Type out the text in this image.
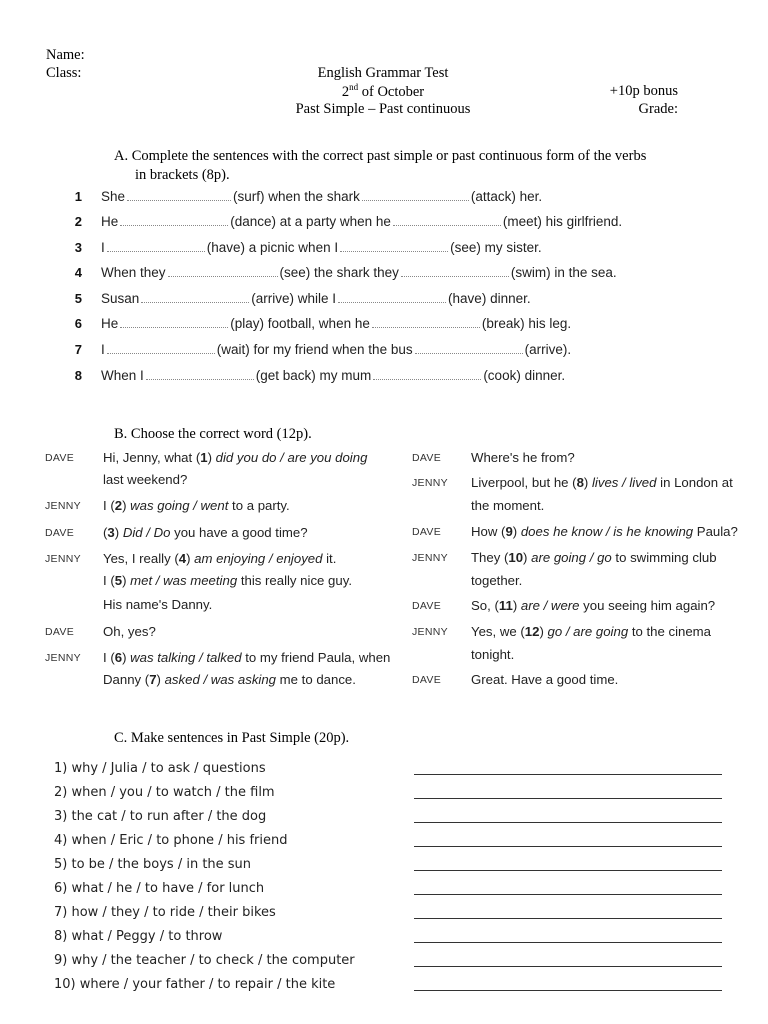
Name:
Class:	English Grammar Test
2nd of October
Past Simple – Past continuous
+10p bonus
Grade:
A. Complete the sentences with the correct past simple or past continuous form of the verbs
in brackets (8p).
1 She	(surf) when the shark	(attack) her.
2 He	(dance) at a party when he	(meet) his girlfriend.
3 I	(have) a picnic when I	(see) my sister.
4 When they	(see) the shark they	(swim) in the sea.
5 Susan	(arrive) while I	(have) dinner.
6 He	(play) football, when he	(break) his leg.
7 I	(wait) for my friend when the bus	(arrive).
8 When I	(get back) my mum	(cook) dinner.
B. Choose the correct word (12p).
DAVE Hi, Jenny, what (1) did you do / are you doing
last weekend?
JENNY I (2) was going / went to a party.
DAVE (3) Did / Do you have a good time?
JENNY Yes, I really (4) am enjoying / enjoyed it.
I (5) met / was meeting this really nice guy.
His name's Danny.
DAVE Oh, yes?
JENNY I (6) was talking / talked to my friend Paula, when
Danny (7) asked / was asking me to dance.
DAVE Where's he from?
JENNY Liverpool, but he (8) lives / lived in London at
the moment.
DAVE How (9) does he know / is he knowing Paula?
JENNY They (10) are going / go to swimming club
together.
DAVE So, (11) are / were you seeing him again?
JENNY Yes, we (12) go / are going to the cinema
tonight.
DAVE Great. Have a good time.
C. Make sentences in Past Simple (20p).
1) why / Julia / to ask / questions
2) when / you / to watch / the film
3) the cat / to run after / the dog
4) when / Eric / to phone / his friend
5) to be / the boys / in the sun
6) what / he / to have / for lunch
7) how / they / to ride / their bikes
8) what / Peggy / to throw
9) why / the teacher / to check / the computer
10) where / your father / to repair / the kite
